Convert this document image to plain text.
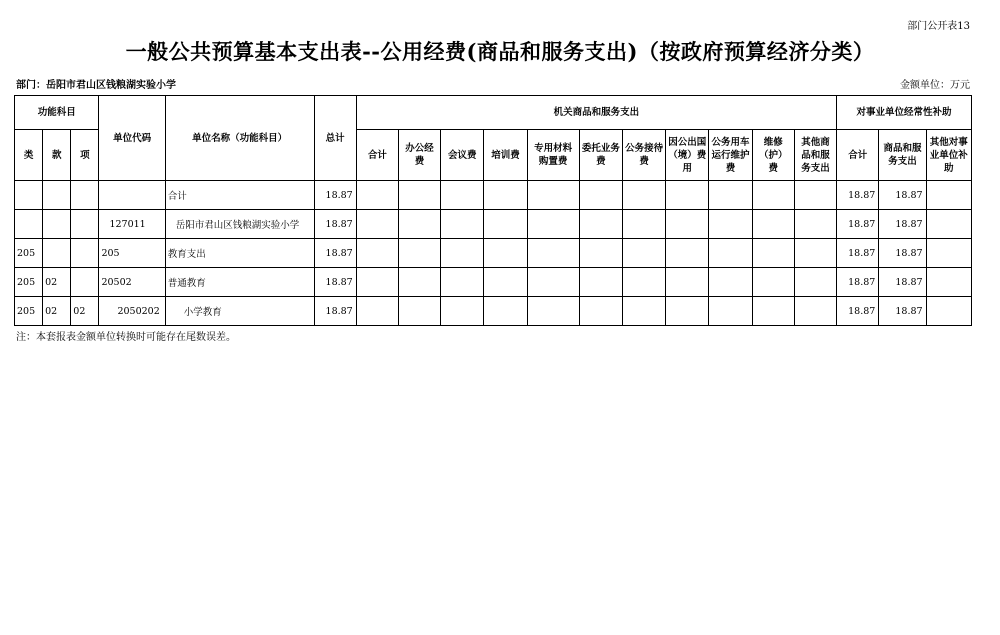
部门公开表13
一般公共预算基本支出表--公用经费(商品和服务支出)（按政府预算经济分类）
部门：岳阳市君山区钱粮湖实验小学	金额单位：万元
功能科目			单位代码	单位名称（功能科目）	总计	机关商品和服务支出											对事业单位经常性补助		
类	款	项				合计	办公经费	会议费	培训费	专用材料购置费	委托业务费	公务接待费	因公出国（境）费用	公务用车运行维护费	维修（护）费	其他商品和服务支出	合计	商品和服务支出	其他对事业单位补助
				合计	18.87												18.87	18.87	
			127011	岳阳市君山区钱粮湖实验小学	18.87												18.87	18.87	
205			205	教育支出	18.87												18.87	18.87	
205	02		20502	普通教育	18.87												18.87	18.87	
205	02	02	2050202	小学教育	18.87												18.87	18.87	
注：本套报表金额单位转换时可能存在尾数误差。
